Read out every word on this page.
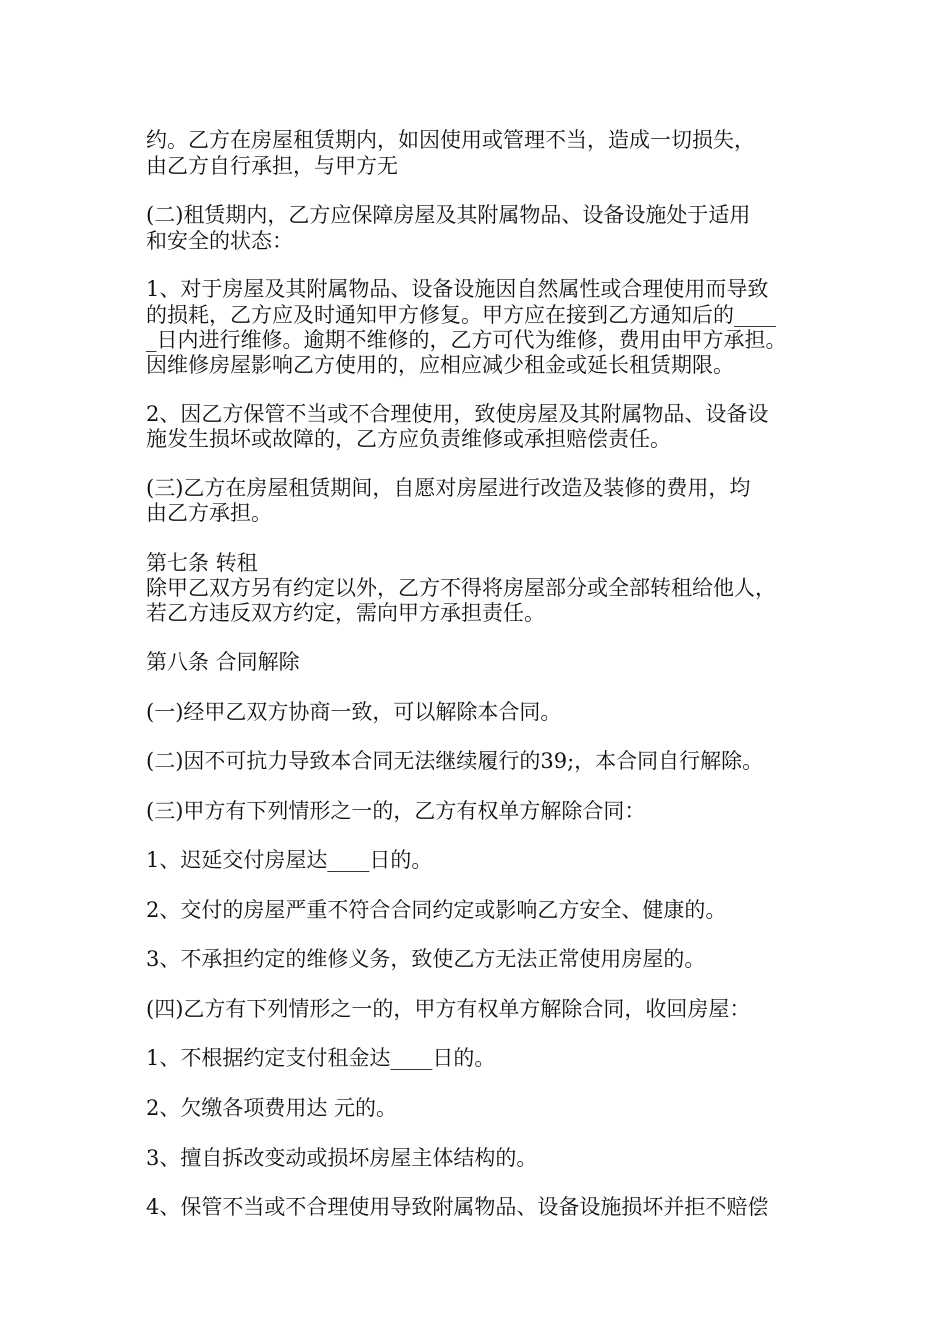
约。乙方在房屋租赁期内，如因使用或管理不当，造成一切损失，

由乙方自行承担，与甲方无

(二)租赁期内，乙方应保障房屋及其附属物品、设备设施处于适用

和安全的状态：

1、对于房屋及其附属物品、设备设施因自然属性或合理使用而导致

的损耗，乙方应及时通知甲方修复。甲方应在接到乙方通知后的____

_日内进行维修。逾期不维修的，乙方可代为维修，费用由甲方承担。

因维修房屋影响乙方使用的，应相应减少租金或延长租赁期限。

2、因乙方保管不当或不合理使用，致使房屋及其附属物品、设备设

施发生损坏或故障的，乙方应负责维修或承担赔偿责任。

(三)乙方在房屋租赁期间，自愿对房屋进行改造及装修的费用，均

由乙方承担。

第七条 转租

除甲乙双方另有约定以外，乙方不得将房屋部分或全部转租给他人，

若乙方违反双方约定，需向甲方承担责任。

第八条 合同解除

(一)经甲乙双方协商一致，可以解除本合同。

(二)因不可抗力导致本合同无法继续履行的39;，本合同自行解除。

(三)甲方有下列情形之一的，乙方有权单方解除合同：

1、迟延交付房屋达____日的。

2、交付的房屋严重不符合合同约定或影响乙方安全、健康的。

3、不承担约定的维修义务，致使乙方无法正常使用房屋的。

(四)乙方有下列情形之一的，甲方有权单方解除合同，收回房屋：

1、不根据约定支付租金达____日的。

2、欠缴各项费用达 元的。

3、擅自拆改变动或损坏房屋主体结构的。

4、保管不当或不合理使用导致附属物品、设备设施损坏并拒不赔偿
